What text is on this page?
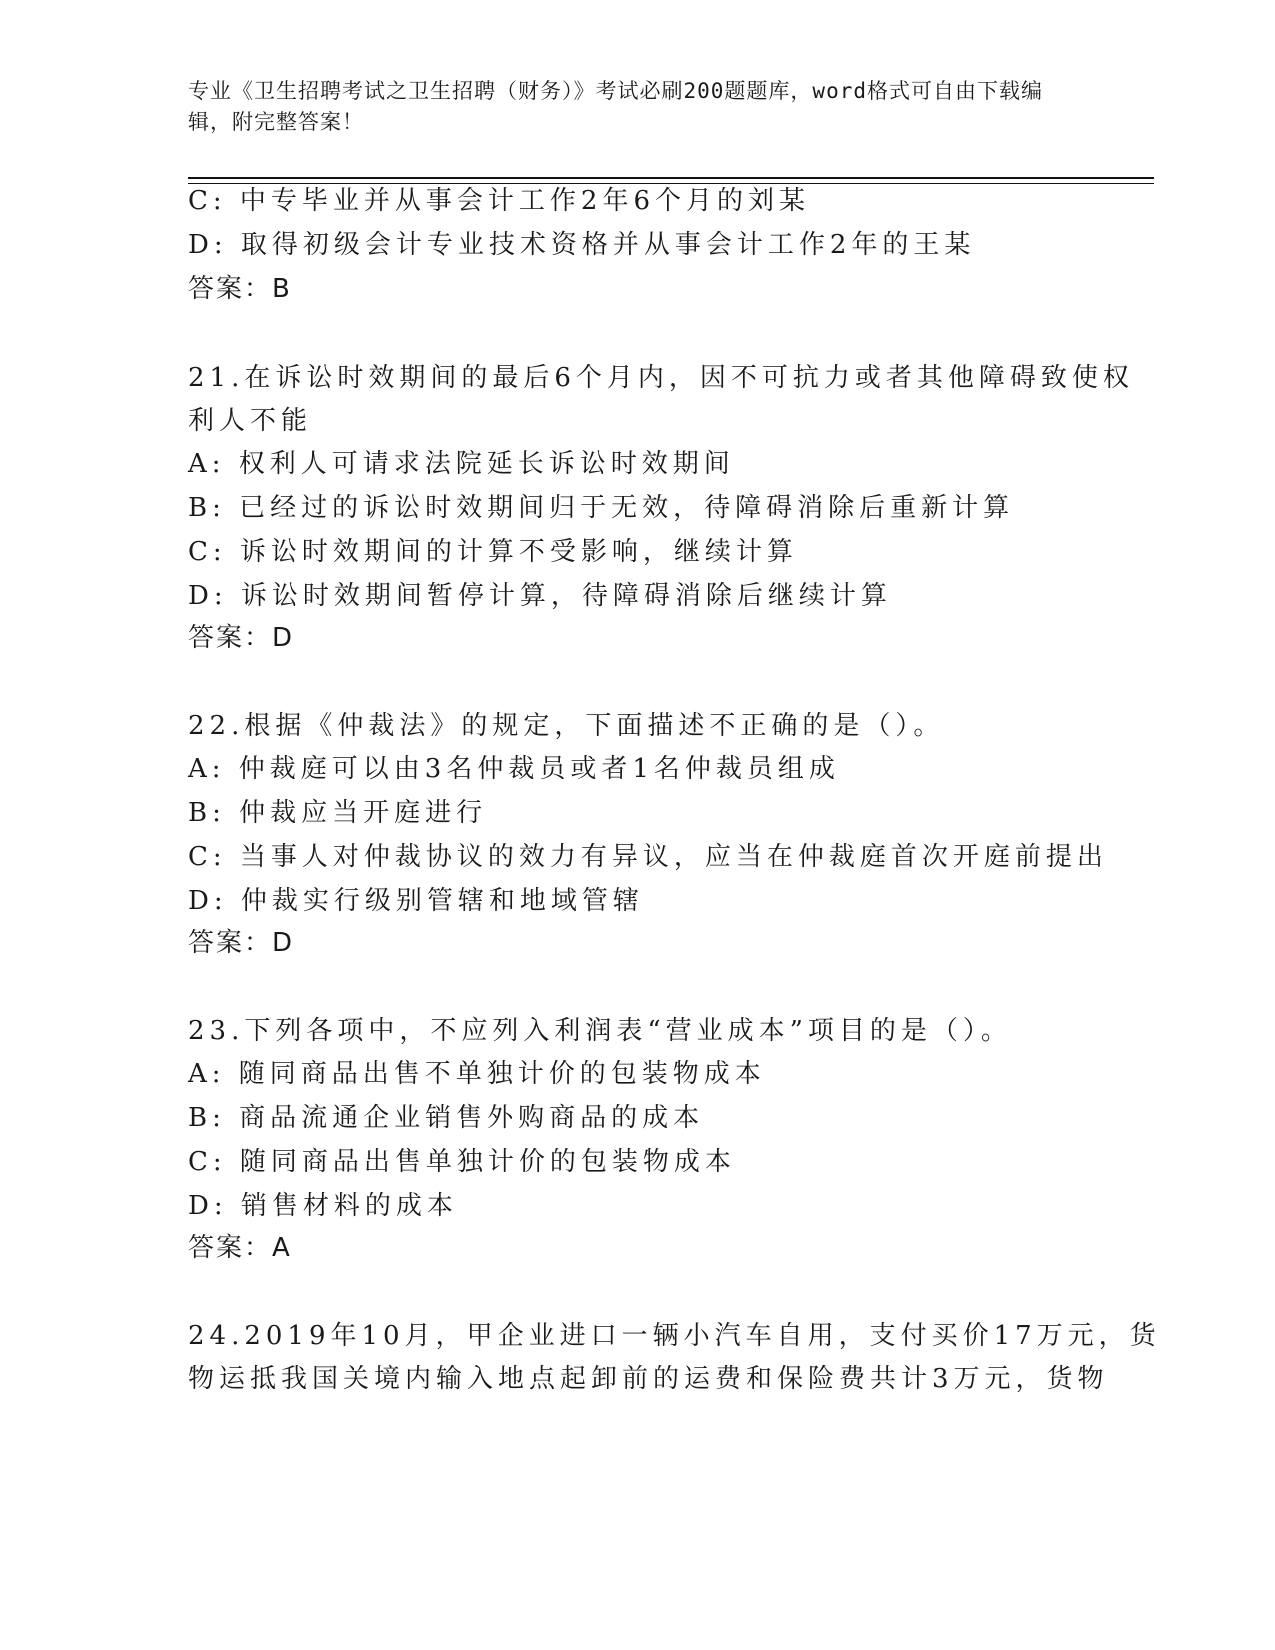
专业《卫生招聘考试之卫生招聘（财务）》考试必刷200题题库，word格式可自由下载编辑，附完整答案！
C: 中专毕业并从事会计工作2年6个月的刘某
D: 取得初级会计专业技术资格并从事会计工作2年的王某
答案：B
21.在诉讼时效期间的最后6个月内，因不可抗力或者其他障碍致使权
利人不能
A: 权利人可请求法院延长诉讼时效期间
B: 已经过的诉讼时效期间归于无效，待障碍消除后重新计算
C: 诉讼时效期间的计算不受影响，继续计算
D: 诉讼时效期间暂停计算，待障碍消除后继续计算
答案：D
22.根据《仲裁法》的规定，下面描述不正确的是（）。
A: 仲裁庭可以由3名仲裁员或者1名仲裁员组成
B: 仲裁应当开庭进行
C: 当事人对仲裁协议的效力有异议，应当在仲裁庭首次开庭前提出
D: 仲裁实行级别管辖和地域管辖
答案：D
23.下列各项中，不应列入利润表“营业成本”项目的是（）。
A: 随同商品出售不单独计价的包装物成本
B: 商品流通企业销售外购商品的成本
C: 随同商品出售单独计价的包装物成本
D: 销售材料的成本
答案：A
24.2019年10月，甲企业进口一辆小汽车自用，支付买价17万元，货
物运抵我国关境内输入地点起卸前的运费和保险费共计3万元，货物
